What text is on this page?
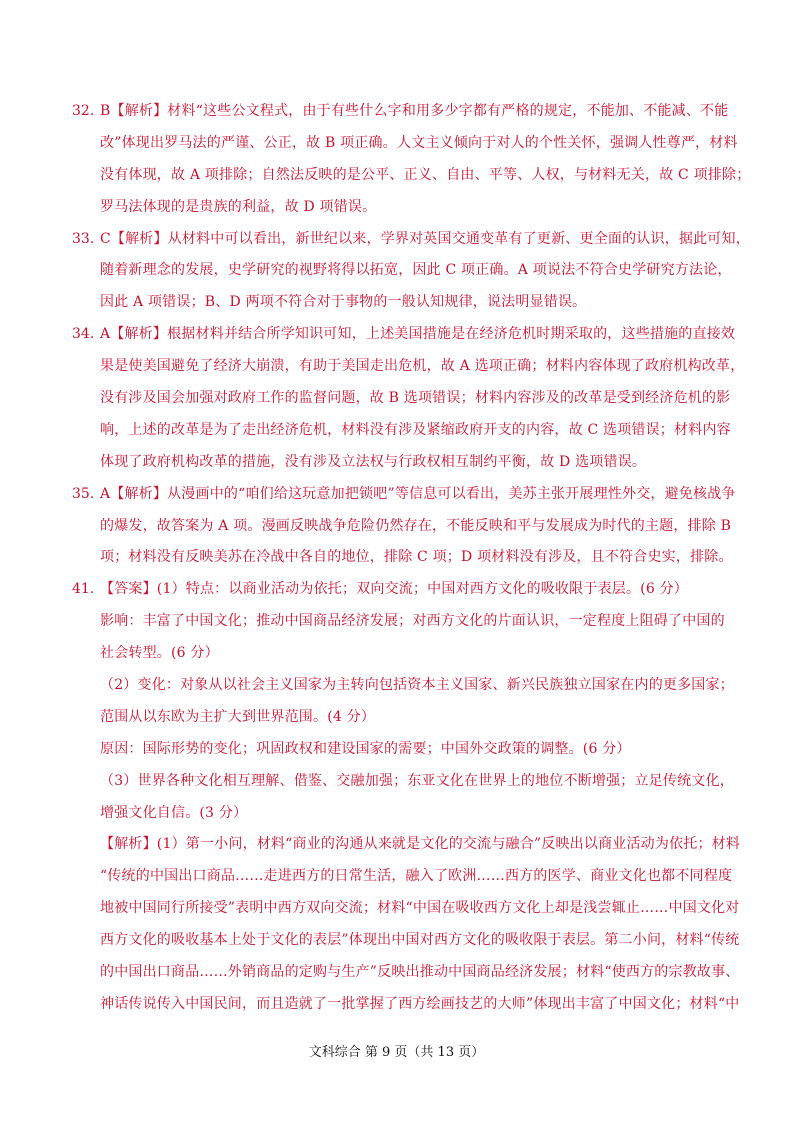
32. B【解析】材料“这些公文程式，由于有些什么字和用多少字都有严格的规定，不能加、不能减、不能
改”体现出罗马法的严谨、公正，故 B 项正确。人文主义倾向于对人的个性关怀，强调人性尊严，材料
没有体现，故 A 项排除；自然法反映的是公平、正义、自由、平等、人权，与材料无关，故 C 项排除；
罗马法体现的是贵族的利益，故 D 项错误。
33. C【解析】从材料中可以看出，新世纪以来，学界对英国交通变革有了更新、更全面的认识，据此可知，
随着新理念的发展，史学研究的视野将得以拓宽，因此 C 项正确。A 项说法不符合史学研究方法论，
因此 A 项错误；B、D 两项不符合对于事物的一般认知规律，说法明显错误。
34. A【解析】根据材料并结合所学知识可知，上述美国措施是在经济危机时期采取的，这些措施的直接效
果是使美国避免了经济大崩溃，有助于美国走出危机，故 A 选项正确；材料内容体现了政府机构改革，
没有涉及国会加强对政府工作的监督问题，故 B 选项错误；材料内容涉及的改革是受到经济危机的影
响，上述的改革是为了走出经济危机，材料没有涉及紧缩政府开支的内容，故 C 选项错误；材料内容
体现了政府机构改革的措施，没有涉及立法权与行政权相互制约平衡，故 D 选项错误。
35. A【解析】从漫画中的“咱们给这玩意加把锁吧”等信息可以看出，美苏主张开展理性外交，避免核战争
的爆发，故答案为 A 项。漫画反映战争危险仍然存在，不能反映和平与发展成为时代的主题，排除 B
项；材料没有反映美苏在冷战中各自的地位，排除 C 项；D 项材料没有涉及，且不符合史实，排除。
41. 【答案】(1）特点：以商业活动为依托；双向交流；中国对西方文化的吸收限于表层。(6 分）
影响：丰富了中国文化；推动中国商品经济发展；对西方文化的片面认识，一定程度上阻碍了中国的
社会转型。(6 分）
（2）变化：对象从以社会主义国家为主转向包括资本主义国家、新兴民族独立国家在内的更多国家；
范围从以东欧为主扩大到世界范围。(4 分）
原因：国际形势的变化；巩固政权和建设国家的需要；中国外交政策的调整。(6 分）
（3）世界各种文化相互理解、借鉴、交融加强；东亚文化在世界上的地位不断增强；立足传统文化，
增强文化自信。(3 分）
【解析】(1）第一小问，材料“商业的沟通从来就是文化的交流与融合”反映出以商业活动为依托；材料
“传统的中国出口商品……走进西方的日常生活，融入了欧洲……西方的医学、商业文化也都不同程度
地被中国同行所接受”表明中西方双向交流；材料“中国在吸收西方文化上却是浅尝辄止……中国文化对
西方文化的吸收基本上处于文化的表层”体现出中国对西方文化的吸收限于表层。第二小问，材料“传统
的中国出口商品……外销商品的定购与生产”反映出推动中国商品经济发展；材料“使西方的宗教故事、
神话传说传入中国民间，而且造就了一批掌握了西方绘画技艺的大师”体现出丰富了中国文化；材料“中
文科综合 第 9 页（共 13 页）
